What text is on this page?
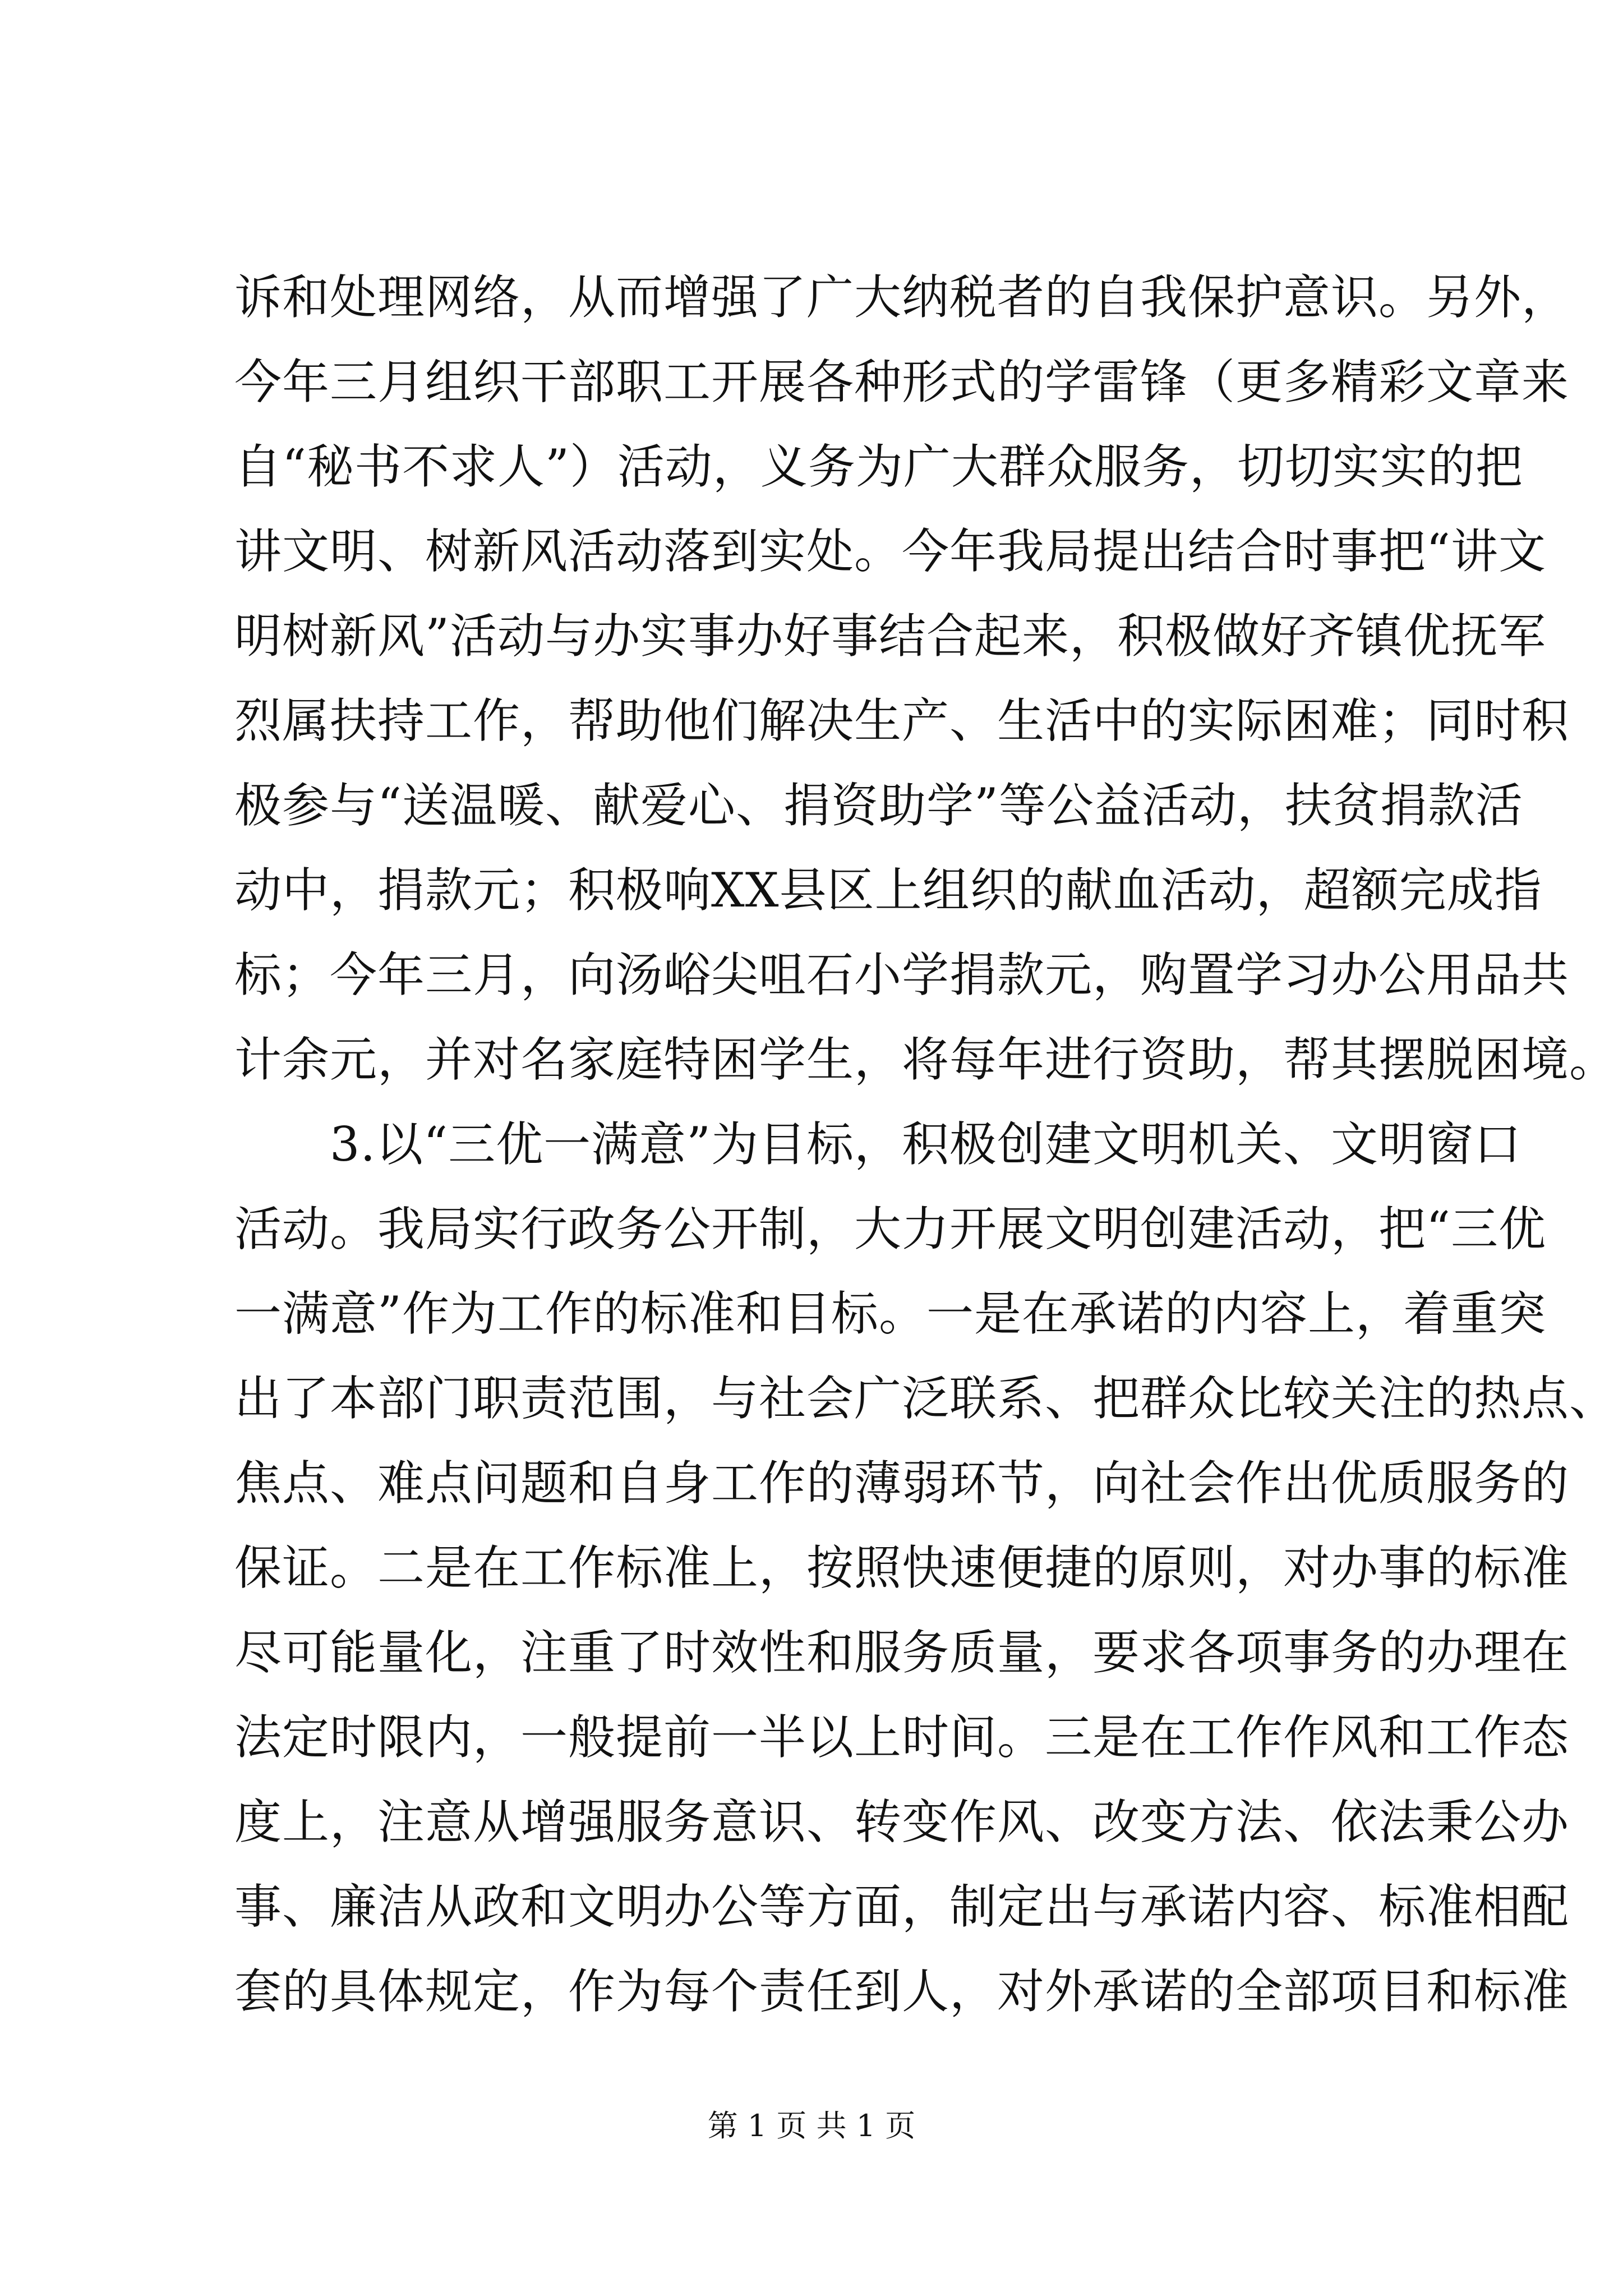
诉和处理网络，从而增强了广大纳税者的自我保护意识。另外，
今年三月组织干部职工开展各种形式的学雷锋（更多精彩文章来
自“秘书不求人”）活动，义务为广大群众服务，切切实实的把
讲文明、树新风活动落到实处。今年我局提出结合时事把“讲文
明树新风”活动与办实事办好事结合起来，积极做好齐镇优抚军
烈属扶持工作，帮助他们解决生产、生活中的实际困难；同时积
极参与“送温暖、献爱心、捐资助学”等公益活动，扶贫捐款活
动中，捐款元；积极响XX县区上组织的献血活动，超额完成指
标；今年三月，向汤峪尖咀石小学捐款元，购置学习办公用品共
计余元，并对名家庭特困学生，将每年进行资助，帮其摆脱困境。
3.以“三优一满意”为目标，积极创建文明机关、文明窗口
活动。我局实行政务公开制，大力开展文明创建活动，把“三优
一满意”作为工作的标准和目标。一是在承诺的内容上，着重突
出了本部门职责范围，与社会广泛联系、把群众比较关注的热点、
焦点、难点问题和自身工作的薄弱环节，向社会作出优质服务的
保证。二是在工作标准上，按照快速便捷的原则，对办事的标准
尽可能量化，注重了时效性和服务质量，要求各项事务的办理在
法定时限内，一般提前一半以上时间。三是在工作作风和工作态
度上，注意从增强服务意识、转变作风、改变方法、依法秉公办
事、廉洁从政和文明办公等方面，制定出与承诺内容、标准相配
套的具体规定，作为每个责任到人，对外承诺的全部项目和标准
第 1 页 共 1 页
